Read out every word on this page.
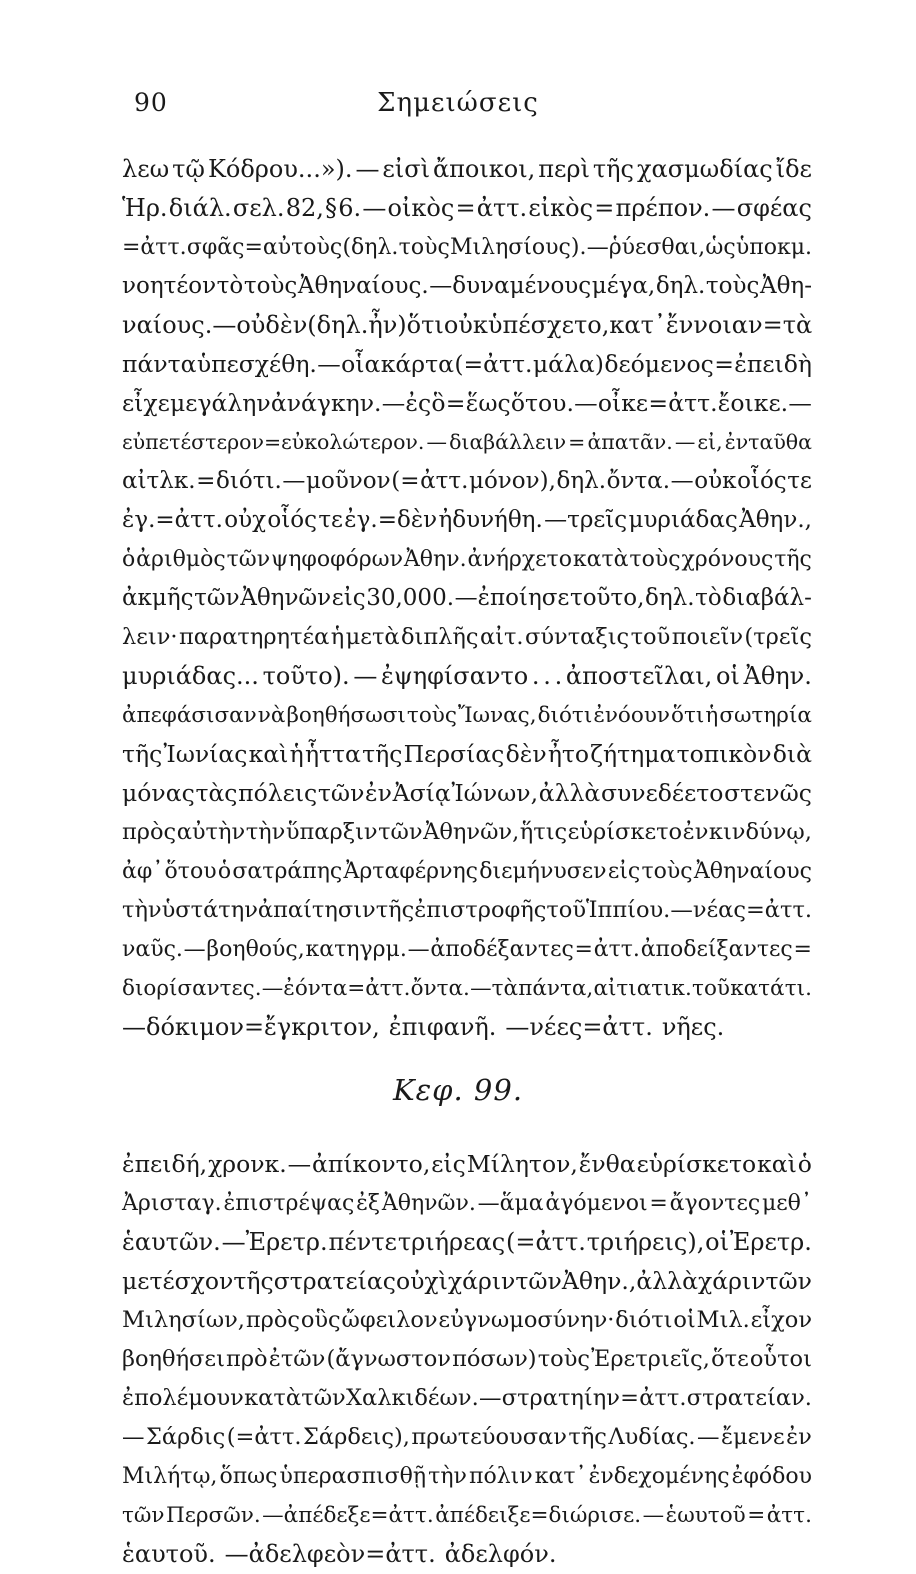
90	Σημειώσεις
λεω τῷ Κόδρου...»). — εἰσὶ ἄποικοι, περὶ τῆς χασμωδίας ἴδε
Ἡρ. διάλ. σελ. 82, § 6. — οἰκὸς = ἀττ. εἰκὸς = πρέπον. — σφέας
=ἀττ. σφᾶς=αὐτοὺς (δηλ. τοὺς Μιλησίους). —ῥύεσθαι, ὡς ὑποκμ.
νοητέον τὸ τοὺς Ἀθηναίους. —δυναμένους μέγα, δηλ. τοὺς Ἀθη-
ναίους. — οὐδὲν (δηλ. ἦν) ὅτι οὐκ ὑπέσχετο, κατ᾽ ἔννοιαν = τὰ
πάντα ὑπεσχέθη. — οἷα κάρτα (=ἀττ. μάλα) δεόμενος = ἐπειδὴ
εἶχε μεγάλην ἀνάγκην. — ἐς ὃ = ἕως ὅτου. — οἶκε = ἀττ. ἔοικε. —
εὐπετέστερον=εὐκολώτερον. — διαβάλλειν = ἀπατᾶν. — εἰ, ἐνταῦθα
αἰτλκ. = διότι. — μοῦνον (= ἀττ. μόνον), δηλ. ὄντα. — οὐκ οἷός τε
ἐγ.=ἀττ. οὐχ οἷός τε ἐγ.=δὲν ἠδυνήθη. —τρεῖς μυριάδας Ἀθην.,
ὁ ἀριθμὸς τῶν ψηφοφόρων Ἀθην. ἀνήρχετο κατὰ τοὺς χρόνους τῆς
ἀκμῆς τῶν Ἀθηνῶν εἰς 30,000. —ἐποίησε τοῦτο, δηλ. τὸ διαβάλ-
λειν· παρατηρητέα ἡ μετὰ διπλῆς αἰτ. σύνταξις τοῦ ποιεῖν (τρεῖς
μυριάδας... τοῦτο). — ἐψηφίσαντο . . . ἀποστεῖλαι, οἱ Ἀθην.
ἀπεφάσισαν νὰ βοηθήσωσι τοὺς Ἴωνας, διότι ἐνόουν ὅτι ἡ σωτηρία
τῆς Ἰωνίας καὶ ἡ ἧττα τῆς Περσίας δὲν ἦτο ζήτημα τοπικὸν διὰ
μόνας τὰς πόλεις τῶν ἐν Ἀσίᾳ Ἰώνων, ἀλλὰ συνεδέετο στενῶς
πρὸς αὐτὴν τὴν ὕπαρξιν τῶν Ἀθηνῶν, ἥτις εὑρίσκετο ἐν κινδύνῳ,
ἀφ᾽ ὅτου ὁ σατράπης Ἀρταφέρνης διεμήνυσεν εἰς τοὺς Ἀθηναίους
τὴν ὑστάτην ἀπαίτησιν τῆς ἐπιστροφῆς τοῦ Ἱππίου. — νέας=ἀττ.
ναῦς. — βοηθούς, κατηγρμ. — ἀποδέξαντες = ἀττ. ἀποδείξαντες =
διορίσαντες. —ἐόντα=ἀττ. ὄντα. —τὰ πάντα, αἰτιατικ. τοῦ κατά τι.
—δόκιμον=ἔγκριτον, ἐπιφανῆ. —νέες=ἀττ. νῆες.
Κεφ. 99.
ἐπειδή, χρονκ. — ἀπίκοντο, εἰς Μίλητον, ἔνθα εὑρίσκετο καὶ ὁ
Ἀρισταγ. ἐπιστρέψας ἐξ Ἀθηνῶν. —ἅμα ἀγόμενοι = ἄγοντες μεθ᾽
ἑαυτῶν. —Ἐρετρ. πέντε τριήρεας (=ἀττ. τριήρεις), οἱ Ἐρετρ.
μετέσχον τῆς στρατείας οὐχὶ χάριν τῶν Ἀθην., ἀλλὰ χάριν τῶν
Μιλησίων, πρὸς οὓς ὤφειλον εὐγνωμοσύνην· διότι οἱ Μιλ. εἶχον
βοηθήσει πρὸ ἐτῶν (ἄγνωστον πόσων) τοὺς Ἐρετριεῖς, ὅτε οὗτοι
ἐπολέμουν κατὰ τῶν Χαλκιδέων. — στρατηίην = ἀττ. στρατείαν.
— Σάρδις (=ἀττ. Σάρδεις), πρωτεύουσαν τῆς Λυδίας. — ἔμενε ἐν
Μιλήτῳ, ὅπως ὑπερασπισθῇ τὴν πόλιν κατ᾽ ἐνδεχομένης ἐφόδου
τῶν Περσῶν. —ἀπέδεξε=ἀττ. ἀπέδειξε=διώρισε. — ἑωυτοῦ = ἀττ.
ἑαυτοῦ. —ἀδελφεὸν=ἀττ. ἀδελφόν.
